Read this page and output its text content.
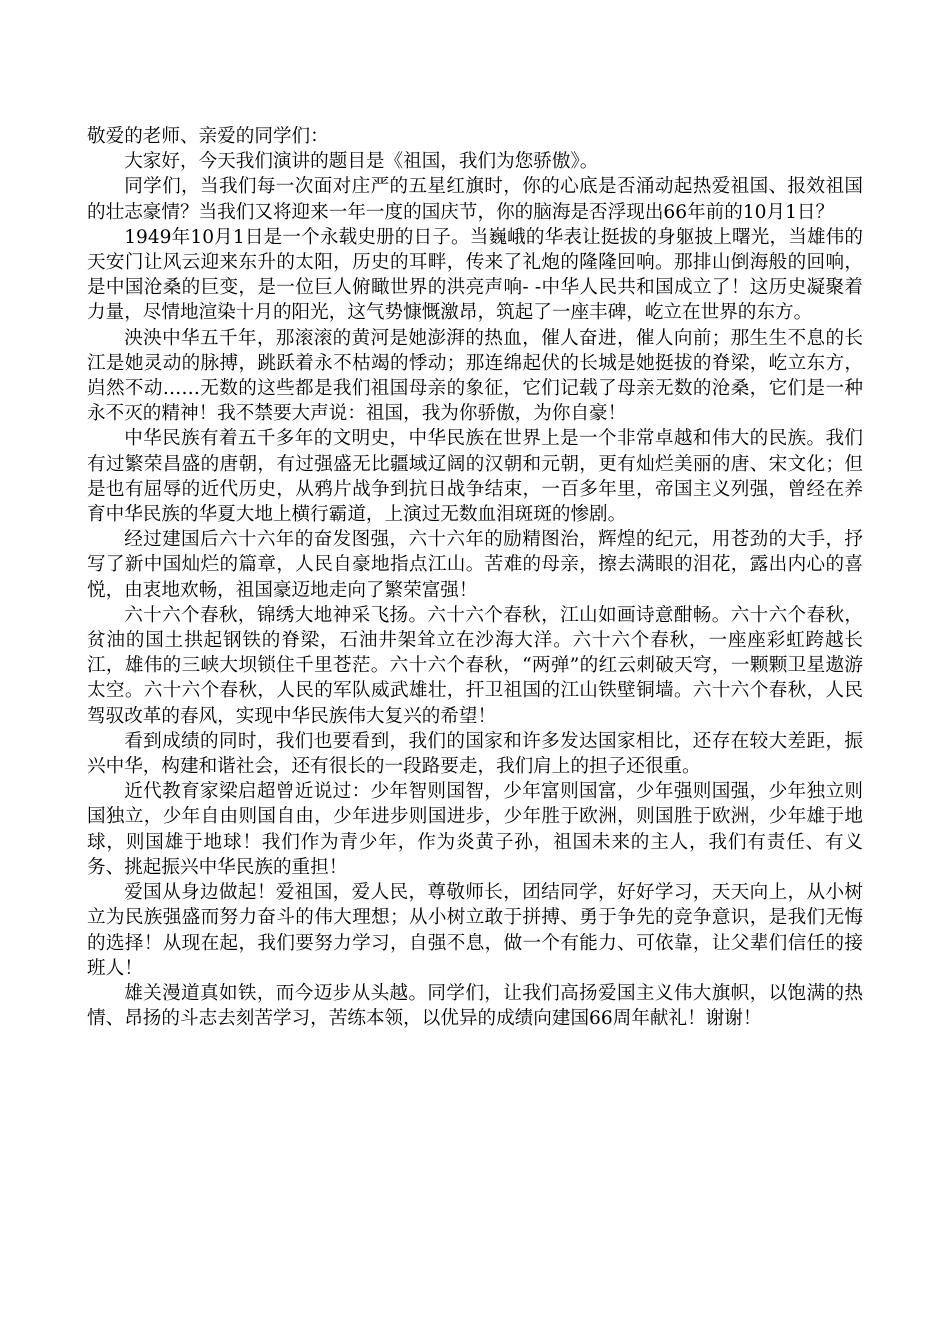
敬爱的老师、亲爱的同学们：

大家好，今天我们演讲的题目是《祖国，我们为您骄傲》。

同学们，当我们每一次面对庄严的五星红旗时，你的心底是否涌动起热爱祖国、报效祖国的壮志豪情？当我们又将迎来一年一度的国庆节，你的脑海是否浮现出66年前的10月1日？

1949年10月1日是一个永载史册的日子。当巍峨的华表让挺拔的身躯披上曙光，当雄伟的天安门让风云迎来东升的太阳，历史的耳畔，传来了礼炮的隆隆回响。那排山倒海般的回响，是中国沧桑的巨变，是一位巨人俯瞰世界的洪亮声响- -中华人民共和国成立了！这历史凝聚着力量，尽情地渲染十月的阳光，这气势慷慨激昂，筑起了一座丰碑，屹立在世界的东方。

泱泱中华五千年，那滚滚的黄河是她澎湃的热血，催人奋进，催人向前；那生生不息的长江是她灵动的脉搏，跳跃着永不枯竭的悸动；那连绵起伏的长城是她挺拔的脊梁，屹立东方，岿然不动……无数的这些都是我们祖国母亲的象征，它们记载了母亲无数的沧桑，它们是一种永不灭的精神！我不禁要大声说：祖国，我为你骄傲，为你自豪！

中华民族有着五千多年的文明史，中华民族在世界上是一个非常卓越和伟大的民族。我们有过繁荣昌盛的唐朝，有过强盛无比疆域辽阔的汉朝和元朝，更有灿烂美丽的唐、宋文化；但是也有屈辱的近代历史，从鸦片战争到抗日战争结束，一百多年里，帝国主义列强，曾经在养育中华民族的华夏大地上横行霸道，上演过无数血泪斑斑的惨剧。

经过建国后六十六年的奋发图强，六十六年的励精图治，辉煌的纪元，用苍劲的大手，抒写了新中国灿烂的篇章，人民自豪地指点江山。苦难的母亲，擦去满眼的泪花，露出内心的喜悦，由衷地欢畅，祖国豪迈地走向了繁荣富强！

六十六个春秋，锦绣大地神采飞扬。六十六个春秋，江山如画诗意酣畅。六十六个春秋，贫油的国土拱起钢铁的脊梁，石油井架耸立在沙海大洋。六十六个春秋，一座座彩虹跨越长江，雄伟的三峡大坝锁住千里苍茫。六十六个春秋，“两弹”的红云刺破天穹，一颗颗卫星遨游太空。六十六个春秋，人民的军队威武雄壮，扞卫祖国的江山铁壁铜墙。六十六个春秋，人民驾驭改革的春风，实现中华民族伟大复兴的希望！

看到成绩的同时，我们也要看到，我们的国家和许多发达国家相比，还存在较大差距，振兴中华，构建和谐社会，还有很长的一段路要走，我们肩上的担子还很重。

近代教育家梁启超曾近说过：少年智则国智，少年富则国富，少年强则国强，少年独立则国独立，少年自由则国自由，少年进步则国进步，少年胜于欧洲，则国胜于欧洲，少年雄于地球，则国雄于地球！我们作为青少年，作为炎黄子孙，祖国未来的主人，我们有责任、有义务、挑起振兴中华民族的重担！

爱国从身边做起！爱祖国，爱人民，尊敬师长，团结同学，好好学习，天天向上，从小树立为民族强盛而努力奋斗的伟大理想；从小树立敢于拼搏、勇于争先的竞争意识，是我们无悔的选择！从现在起，我们要努力学习，自强不息，做一个有能力、可依靠，让父辈们信任的接班人！

雄关漫道真如铁，而今迈步从头越。同学们，让我们高扬爱国主义伟大旗帜，以饱满的热情、昂扬的斗志去刻苦学习，苦练本领，以优异的成绩向建国66周年献礼！谢谢！
